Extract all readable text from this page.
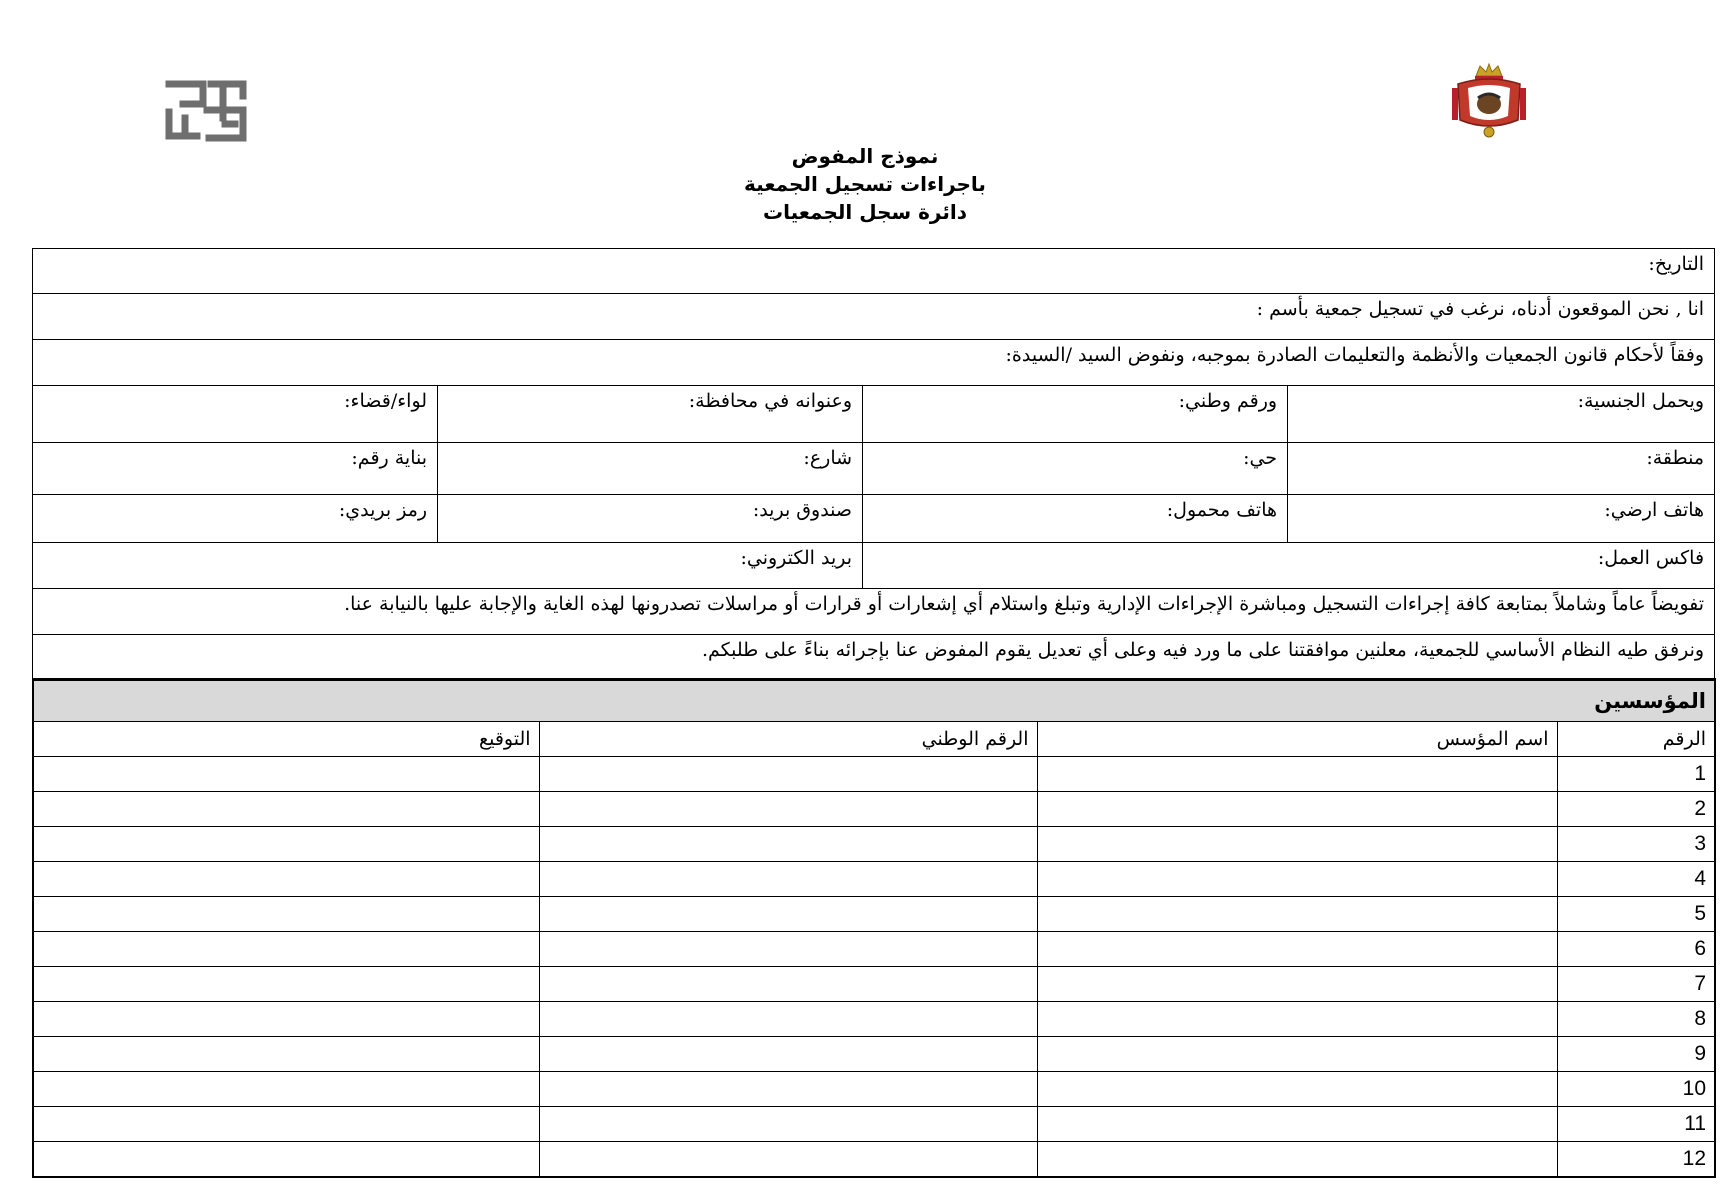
نموذج المفوض
باجراءات تسجيل الجمعية
دائرة سجل الجمعيات
التاريخ:			
انا , نحن الموقعون أدناه، نرغب في تسجيل جمعية بأسم :			
وفقاً لأحكام قانون الجمعيات والأنظمة والتعليمات الصادرة بموجبه، ونفوض السيد /السيدة:			
ويحمل الجنسية:	ورقم وطني:	وعنوانه في محافظة:	لواء/قضاء:
منطقة:	حي:	شارع:	بناية رقم:
هاتف ارضي:	هاتف محمول:	صندوق بريد:	رمز بريدي:
فاكس العمل:		بريد الكتروني:	
تفويضاً عاماً وشاملاً بمتابعة كافة إجراءات التسجيل ومباشرة الإجراءات الإدارية وتبلغ واستلام أي إشعارات أو قرارات أو مراسلات تصدرونها لهذه الغاية والإجابة عليها بالنيابة عنا.			
ونرفق طيه النظام الأساسي للجمعية، معلنين موافقتنا على ما ورد فيه وعلى أي تعديل يقوم المفوض عنا بإجرائه بناءً على طلبكم.			
المؤسسين			
الرقم	اسم المؤسس	الرقم الوطني	التوقيع
1			
2			
3			
4			
5			
6			
7			
8			
9			
10			
11			
12			
